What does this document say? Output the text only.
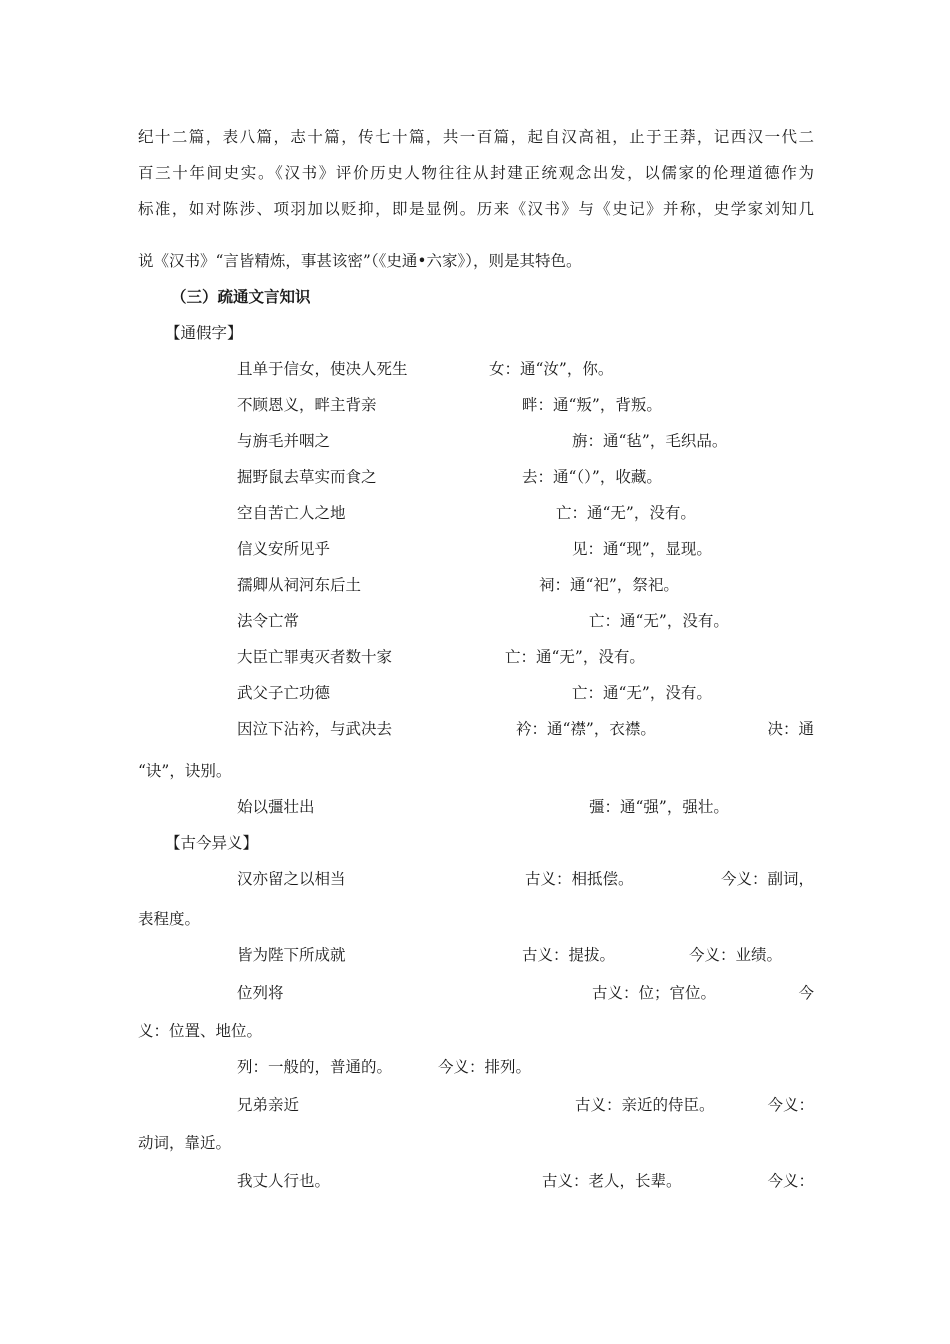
纪十二篇，表八篇，志十篇，传七十篇，共一百篇，起自汉高祖，止于王莽，记西汉一代二
百三十年间史实。《汉书》评价历史人物往往从封建正统观念出发，以儒家的伦理道德作为
标准，如对陈涉、项羽加以贬抑，即是显例。历来《汉书》与《史记》并称，史学家刘知几
说《汉书》“言皆精炼，事甚该密”（《史通•六家》），则是其特色。
（三）疏通文言知识
【通假字】
且单于信女，使决人死生	女：通“汝”，你。
不顾恩义，畔主背亲	畔：通“叛”，背叛。
与旃毛并咽之	旃：通“毡”，毛织品。
掘野鼠去草实而食之	去：通“（）”，收藏。
空自苦亡人之地	亡：通“无”，没有。
信义安所见乎	见：通“现”，显现。
孺卿从祠河东后土	祠：通“祀”，祭祀。
法令亡常	亡：通“无”，没有。
大臣亡罪夷灭者数十家	亡：通“无”，没有。
武父子亡功德	亡：通“无”，没有。
因泣下沾衿，与武决去	衿：通“襟”，衣襟。	决：通
“诀”，诀别。
始以彊壮出	彊：通“强”，强壮。
【古今异义】
汉亦留之以相当	古义：相抵偿。	今义：副词，
表程度。
皆为陛下所成就	古义：提拔。	今义：业绩。
位列将	古义：位；官位。	今
义：位置、地位。
列：一般的，普通的。	今义：排列。
兄弟亲近	古义：亲近的侍臣。	今义：
动词，靠近。
我丈人行也。	古义：老人，长辈。	今义：
